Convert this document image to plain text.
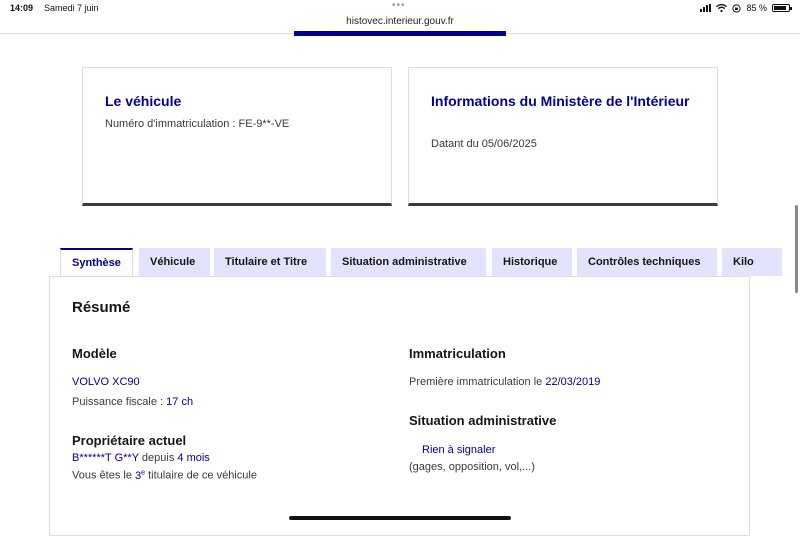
14:09 Samedi 7 juin	•••
histovec.interieur.gouv.fr
85 %
Le véhicule
Numéro d'immatriculation : FE-9**-VE
Informations du Ministère de l'Intérieur
Datant du 05/06/2025
Synthèse	Véhicule	Titulaire et Titre	Situation administrative	Historique	Contrôles techniques	Kilo
Résumé
Modèle
VOLVO XC90
Puissance fiscale : 17 ch
Propriétaire actuel
B******T G**Y depuis 4 mois
Vous êtes le 3e titulaire de ce véhicule
Immatriculation
Première immatriculation le 22/03/2019
Situation administrative
Rien à signaler
(gages, opposition, vol,...)
